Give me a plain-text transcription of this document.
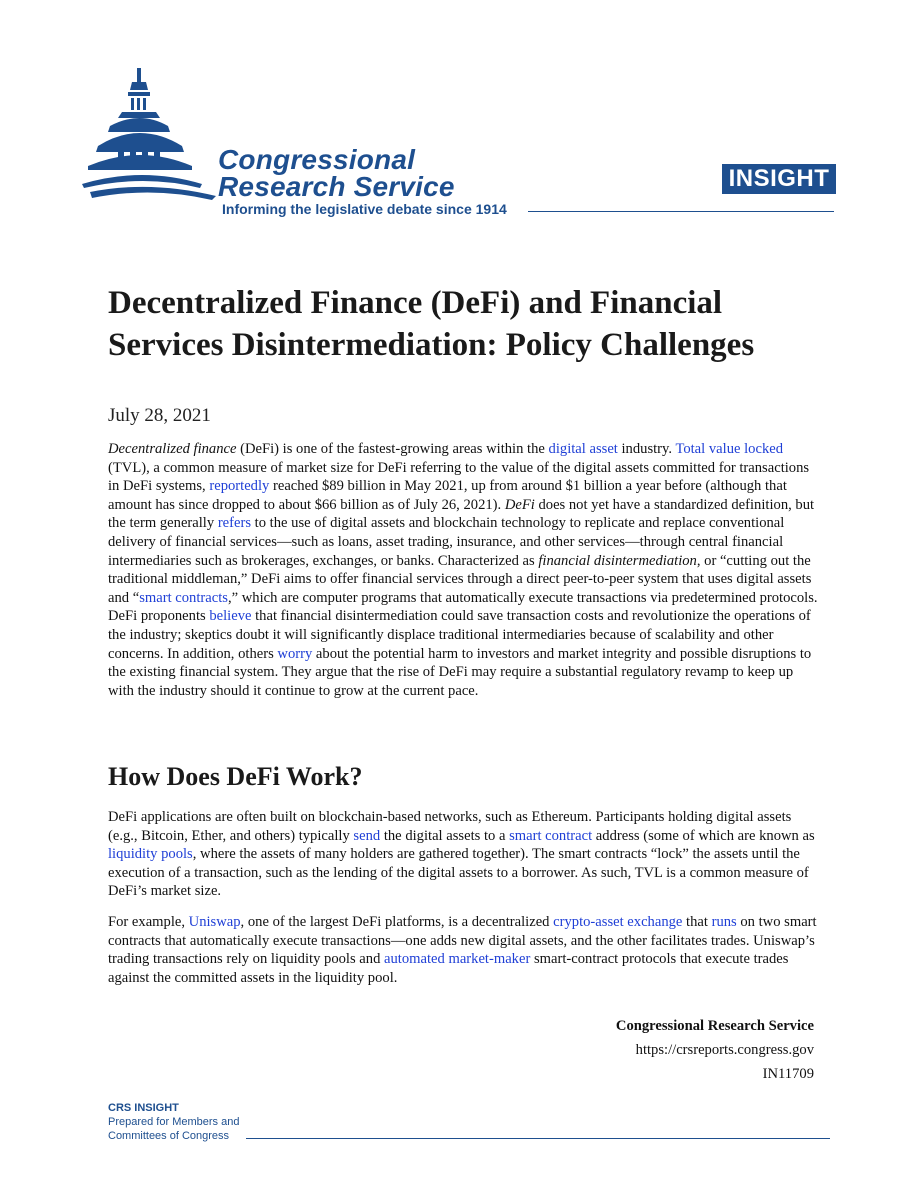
Congressional
Research Service
Informing the legislative debate since 1914
INSIGHT
Decentralized Finance (DeFi) and Financial Services Disintermediation: Policy Challenges
July 28, 2021
Decentralized finance (DeFi) is one of the fastest-growing areas within the digital asset industry. Total value locked (TVL), a common measure of market size for DeFi referring to the value of the digital assets committed for transactions in DeFi systems, reportedly reached $89 billion in May 2021, up from around $1 billion a year before (although that amount has since dropped to about $66 billion as of July 26, 2021). DeFi does not yet have a standardized definition, but the term generally refers to the use of digital assets and blockchain technology to replicate and replace conventional delivery of financial services—such as loans, asset trading, insurance, and other services—through central financial intermediaries such as brokerages, exchanges, or banks. Characterized as financial disintermediation, or “cutting out the traditional middleman,” DeFi aims to offer financial services through a direct peer-to-peer system that uses digital assets and “smart contracts,” which are computer programs that automatically execute transactions via predetermined protocols. DeFi proponents believe that financial disintermediation could save transaction costs and revolutionize the operations of the industry; skeptics doubt it will significantly displace traditional intermediaries because of scalability and other concerns. In addition, others worry about the potential harm to investors and market integrity and possible disruptions to the existing financial system. They argue that the rise of DeFi may require a substantial regulatory revamp to keep up with the industry should it continue to grow at the current pace.
How Does DeFi Work?
DeFi applications are often built on blockchain-based networks, such as Ethereum. Participants holding digital assets (e.g., Bitcoin, Ether, and others) typically send the digital assets to a smart contract address (some of which are known as liquidity pools, where the assets of many holders are gathered together). The smart contracts “lock” the assets until the execution of a transaction, such as the lending of the digital assets to a borrower. As such, TVL is a common measure of DeFi’s market size.
For example, Uniswap, one of the largest DeFi platforms, is a decentralized crypto-asset exchange that runs on two smart contracts that automatically execute transactions—one adds new digital assets, and the other facilitates trades. Uniswap’s trading transactions rely on liquidity pools and automated market-maker smart-contract protocols that execute trades against the committed assets in the liquidity pool.
Congressional Research Service
https://crsreports.congress.gov
IN11709
CRS INSIGHT
Prepared for Members and
Committees of Congress
